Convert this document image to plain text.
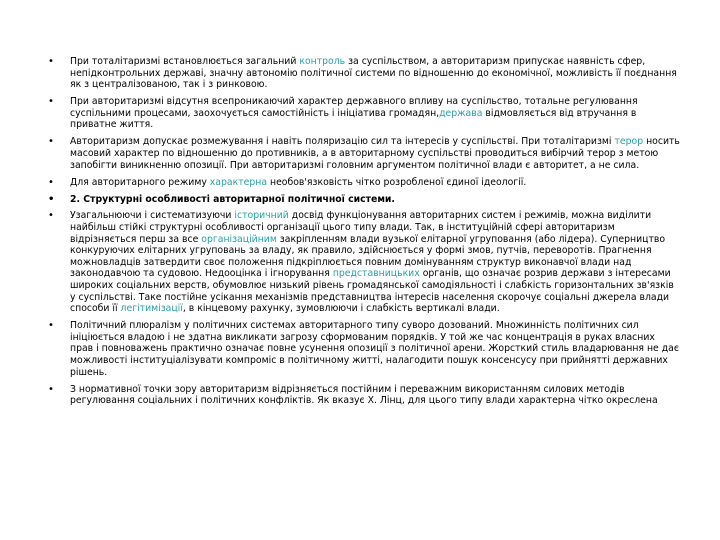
• При тоталітаризмі встановлюється загальний контроль за суспільством, а авторитаризм припускає наявність сфер, непідконтрольних державі, значну автономію політичної системи по відношенню до економічної, можливість її поєднання як з централізованою, так і з ринковою.
• При авторитаризмі відсутня всепроникаючий характер державного впливу на суспільство, тотальне регулювання суспільними процесами, заохочується самостійність і ініціатива громадян,держава відмовляється від втручання в приватне життя.
• Авторитаризм допускає розмежування і навіть поляризацію сил та інтересів у суспільстві. При тоталітаризмі терор носить масовий характер по відношенню до противників, а в авторитарному суспільстві проводиться вибірчий терор з метою запобігти виникненню опозиції. При авторитаризмі головним аргументом політичної влади є авторитет, а не сила.
• Для авторитарного режиму характерна необов'язковість чітко розробленої єдиної ідеології.
• 2. Структурні особливості авторитарної політичної системи.
• Узагальнюючи і систематизуючи історичний досвід функціонування авторитарних систем і режимів, можна виділити найбільш стійкі структурні особливості організації цього типу влади. Так, в інституційній сфері авторитаризм відрізняється перш за все організаційним закріпленням влади вузької елітарної угруповання (або лідера). Суперництво конкуруючих елітарних угруповань за владу, як правило, здійснюється у формі змов, путчів, переворотів. Прагнення можновладців затвердити своє положення підкріплюється повним домінуванням структур виконавчої влади над законодавчою та судовою. Недооцінка і ігнорування представницьких органів, що означає розрив держави з інтересами широких соціальних верств, обумовлює низький рівень громадянської самодіяльності і слабкість горизонтальних зв'язків у суспільстві. Таке постійне усікання механізмів представництва інтересів населення скорочує соціальні джерела влади способи її легітимізації, в кінцевому рахунку, зумовлюючи і слабкість вертикалі влади.
• Політичний плюралізм у політичних системах авторитарного типу суворо дозований. Множинність політичних сил ініціюється владою і не здатна викликати загрозу сформованим порядків. У той же час концентрація в руках власних прав і повноважень практично означає повне усунення опозиції з політичної арени. Жорсткий стиль владарювання не дає можливості інституціалізувати компроміс в політичному житті, налагодити пошук консенсусу при прийнятті державних рішень.
• З нормативної точки зору авторитаризм відрізняється постійним і переважним використанням силових методів регулювання соціальних і політичних конфліктів. Як вказує Х. Лінц, для цього типу влади характерна чітко окреслена
